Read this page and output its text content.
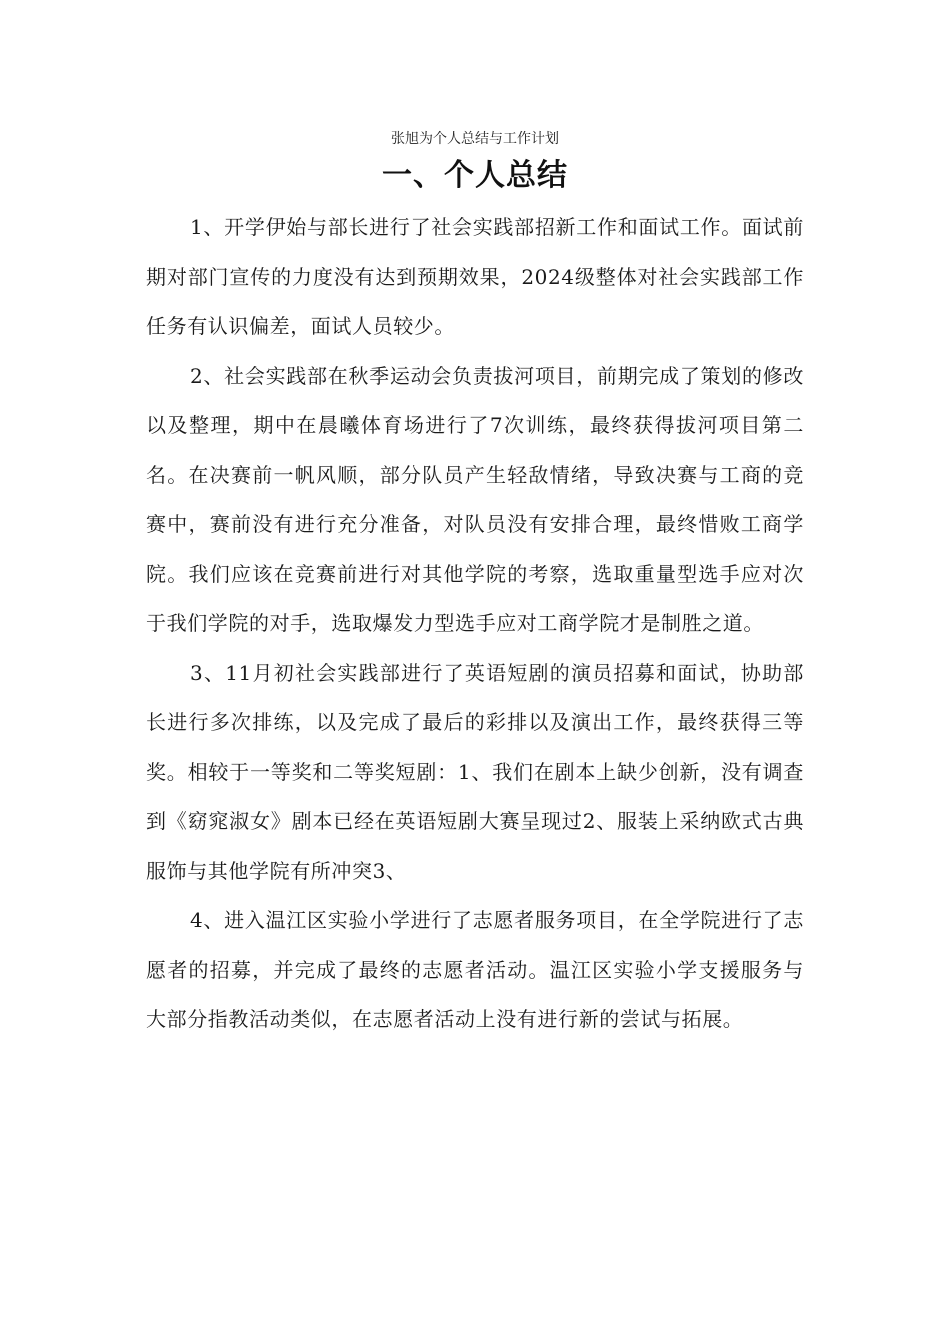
张旭为个人总结与工作计划
一、个人总结

1、开学伊始与部长进行了社会实践部招新工作和面试工作。面试前期对部门宣传的力度没有达到预期效果，2024级整体对社会实践部工作任务有认识偏差，面试人员较少。

2、社会实践部在秋季运动会负责拔河项目，前期完成了策划的修改以及整理，期中在晨曦体育场进行了7次训练，最终获得拔河项目第二名。在决赛前一帆风顺，部分队员产生轻敌情绪，导致决赛与工商的竞赛中，赛前没有进行充分准备，对队员没有安排合理，最终惜败工商学院。我们应该在竞赛前进行对其他学院的考察，选取重量型选手应对次于我们学院的对手，选取爆发力型选手应对工商学院才是制胜之道。

3、11月初社会实践部进行了英语短剧的演员招募和面试，协助部长进行多次排练，以及完成了最后的彩排以及演出工作，最终获得三等奖。相较于一等奖和二等奖短剧：1、我们在剧本上缺少创新，没有调查到《窈窕淑女》剧本已经在英语短剧大赛呈现过2、服装上采纳欧式古典服饰与其他学院有所冲突3、

4、进入温江区实验小学进行了志愿者服务项目，在全学院进行了志愿者的招募，并完成了最终的志愿者活动。温江区实验小学支援服务与大部分指教活动类似，在志愿者活动上没有进行新的尝试与拓展。
